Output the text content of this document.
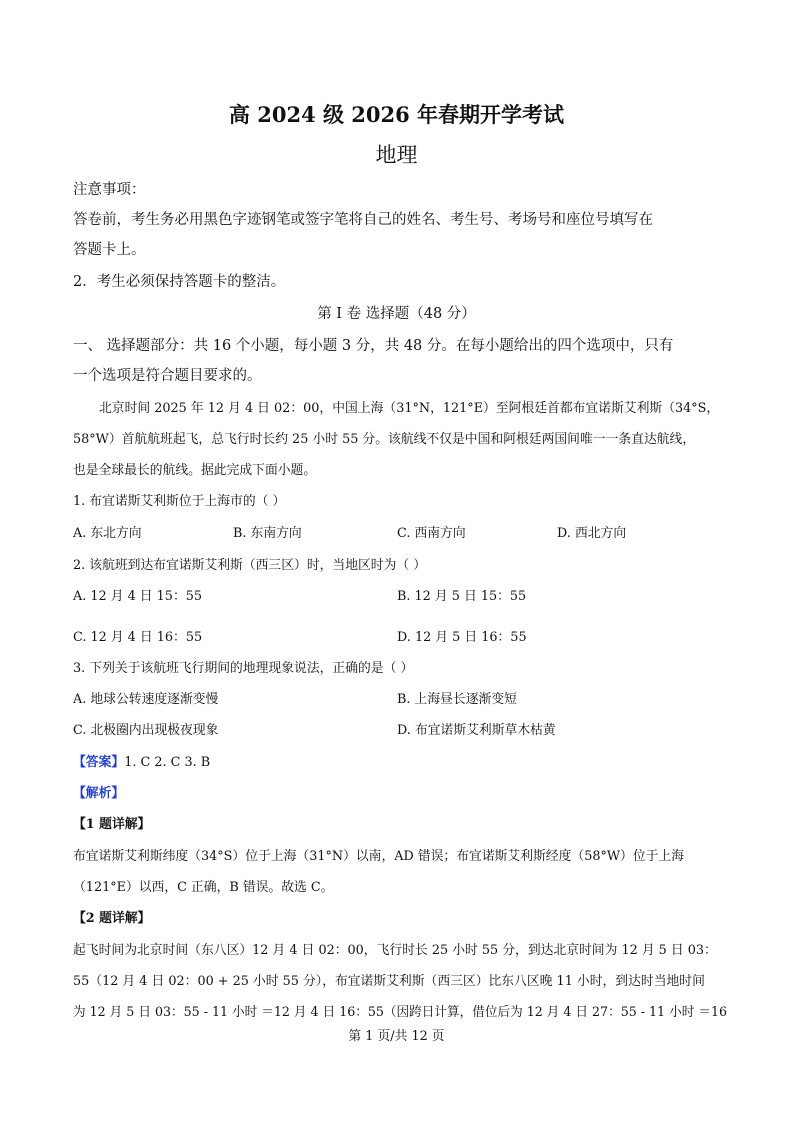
高 2024 级 2026 年春期开学考试
地理
注意事项：
答卷前，考生务必用黑色字迹钢笔或签字笔将自己的姓名、考生号、考场号和座位号填写在
答题卡上。
2．考生必须保持答题卡的整洁。
第 I 卷 选择题（48 分）
一、 选择题部分：共 16 个小题，每小题 3 分，共 48 分。在每小题给出的四个选项中，只有
一个选项是符合题目要求的。
北京时间 2025 年 12 月 4 日 02：00，中国上海（31°N，121°E）至阿根廷首都布宜诺斯艾利斯（34°S，
58°W）首航航班起飞，总飞行时长约 25 小时 55 分。该航线不仅是中国和阿根廷两国间唯一一条直达航线，
也是全球最长的航线。据此完成下面小题。
1. 布宜诺斯艾利斯位于上海市的（ ）
A. 东北方向	B. 东南方向	C. 西南方向	D. 西北方向
2. 该航班到达布宜诺斯艾利斯（西三区）时，当地区时为（ ）
A. 12 月 4 日 15：55	B. 12 月 5 日 15：55
C. 12 月 4 日 16：55	D. 12 月 5 日 16：55
3. 下列关于该航班飞行期间的地理现象说法，正确的是（ ）
A. 地球公转速度逐渐变慢	B. 上海昼长逐渐变短
C. 北极圈内出现极夜现象	D. 布宜诺斯艾利斯草木枯黄
【答案】1. C 2. C 3. B
【解析】
【1 题详解】
布宜诺斯艾利斯纬度（34°S）位于上海（31°N）以南，AD 错误；布宜诺斯艾利斯经度（58°W）位于上海
（121°E）以西，C 正确，B 错误。故选 C。
【2 题详解】
起飞时间为北京时间（东八区）12 月 4 日 02：00，飞行时长 25 小时 55 分，到达北京时间为 12 月 5 日 03：
55（12 月 4 日 02：00 + 25 小时 55 分），布宜诺斯艾利斯（西三区）比东八区晚 11 小时，到达时当地时间
为 12 月 5 日 03：55 - 11 小时 ＝12 月 4 日 16：55（因跨日计算，借位后为 12 月 4 日 27：55 - 11 小时 ＝16
第 1 页/共 12 页
